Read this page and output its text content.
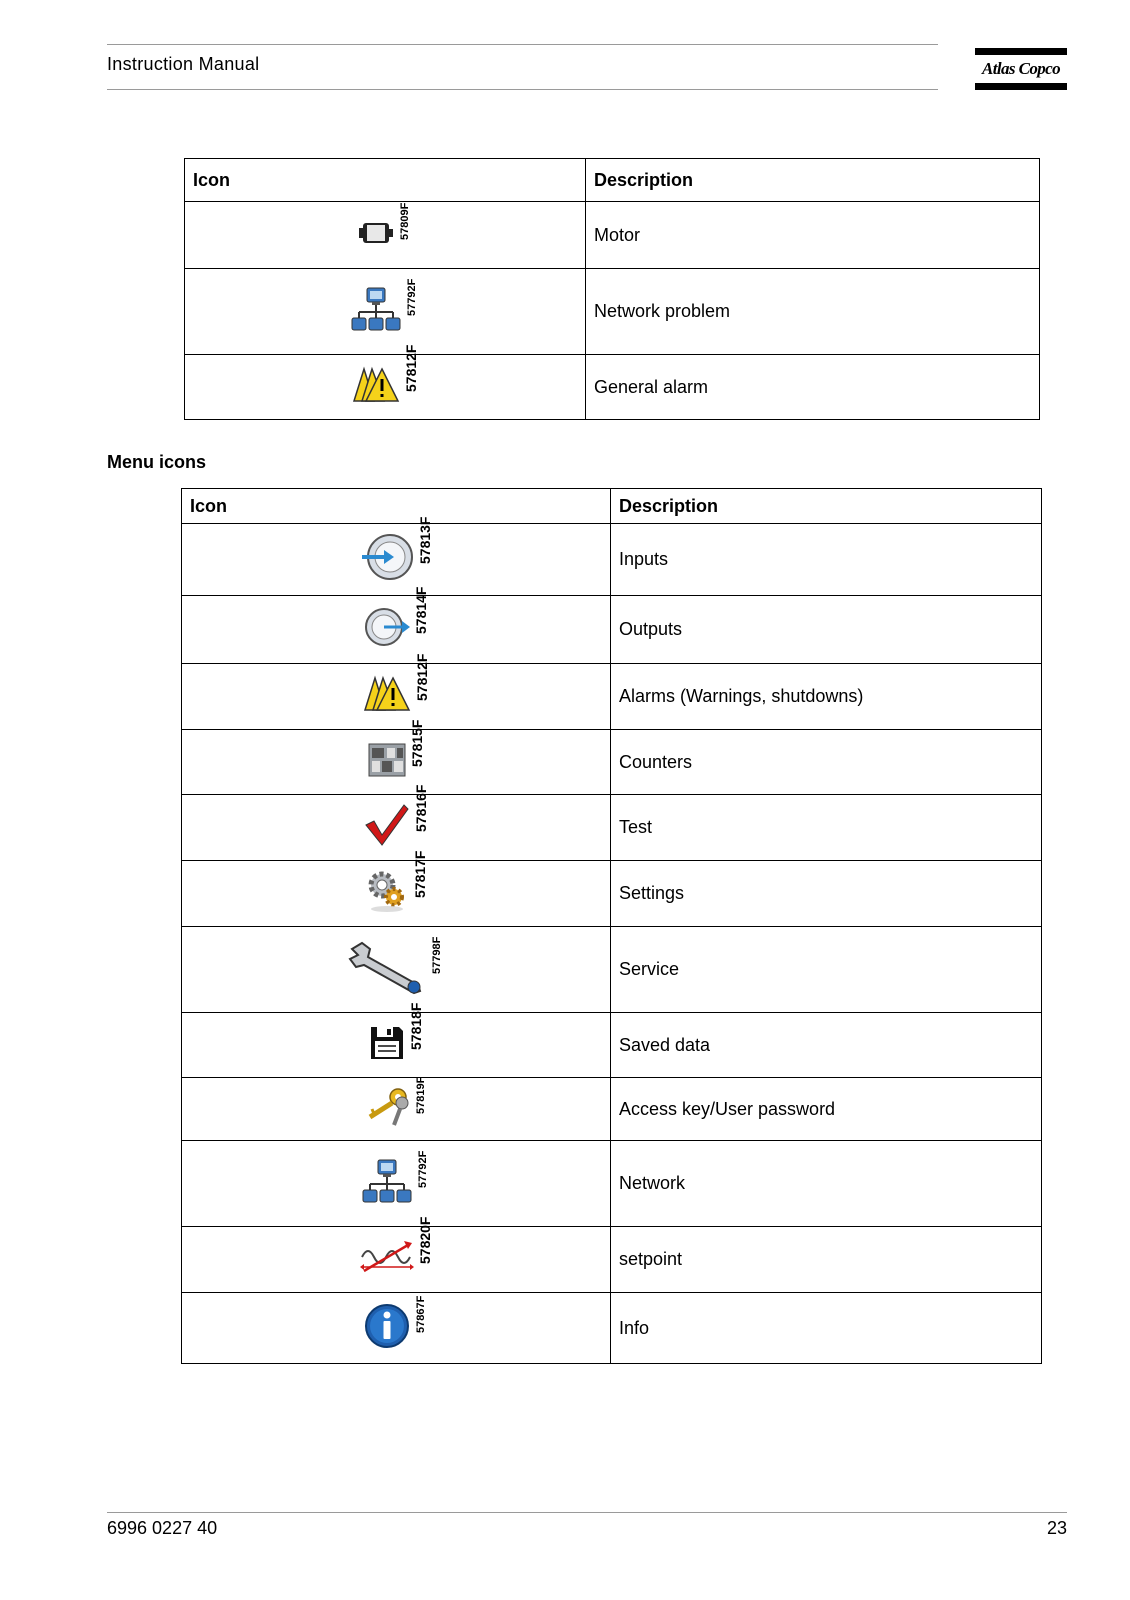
Instruction Manual	Atlas Copco
Icon	Description

57809F	Motor

57792F	Network problem

57812F	General alarm
Menu icons
Icon	Description

57813F	Inputs

57814F	Outputs

57812F	Alarms (Warnings, shutdowns)

57815F	Counters

57816F	Test

57817F	Settings

57798F	Service

57818F	Saved data

57819F	Access key/User password

57792F	Network

57820F	setpoint

57867F	Info
6996 0227 40	23
